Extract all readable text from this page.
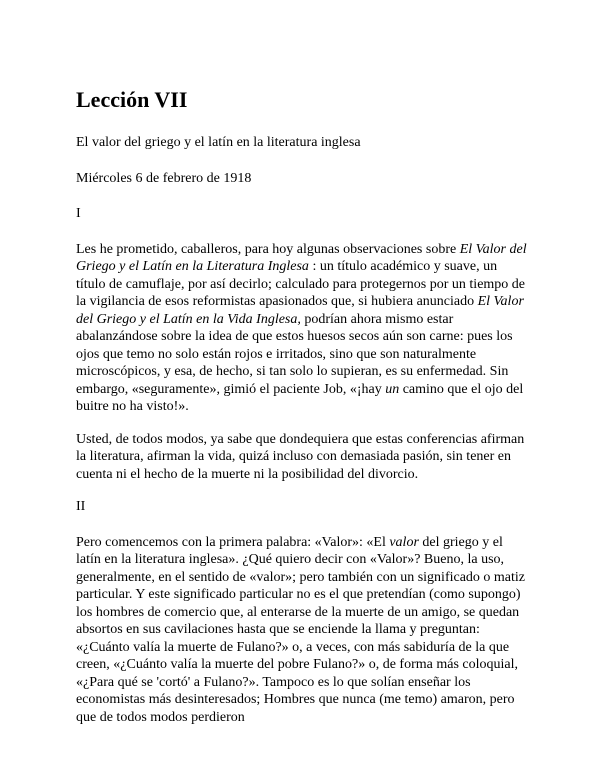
Lección VII

El valor del griego y el latín en la literatura inglesa

Miércoles 6 de febrero de 1918

I

Les he prometido, caballeros, para hoy algunas observaciones sobre El Valor del Griego y el Latín en la Literatura Inglesa : un título académico y suave, un título de camuflaje, por así decirlo; calculado para protegernos por un tiempo de la vigilancia de esos reformistas apasionados que, si hubiera anunciado El Valor del Griego y el Latín en la Vida Inglesa, podrían ahora mismo estar abalanzándose sobre la idea de que estos huesos secos aún son carne: pues los ojos que temo no solo están rojos e irritados, sino que son naturalmente microscópicos, y esa, de hecho, si tan solo lo supieran, es su enfermedad. Sin embargo, «seguramente», gimió el paciente Job, «¡hay un camino que el ojo del buitre no ha visto!».

Usted, de todos modos, ya sabe que dondequiera que estas conferencias afirman la literatura, afirman la vida, quizá incluso con demasiada pasión, sin tener en cuenta ni el hecho de la muerte ni la posibilidad del divorcio.

II

Pero comencemos con la primera palabra: «Valor»: «El valor del griego y el latín en la literatura inglesa». ¿Qué quiero decir con «Valor»? Bueno, la uso, generalmente, en el sentido de «valor»; pero también con un significado o matiz particular. Y este significado particular no es el que pretendían (como supongo) los hombres de comercio que, al enterarse de la muerte de un amigo, se quedan absortos en sus cavilaciones hasta que se enciende la llama y preguntan: «¿Cuánto valía la muerte de Fulano?» o, a veces, con más sabiduría de la que creen, «¿Cuánto valía la muerte del pobre Fulano?» o, de forma más coloquial, «¿Para qué se 'cortó' a Fulano?». Tampoco es lo que solían enseñar los economistas más desinteresados; Hombres que nunca (me temo) amaron, pero que de todos modos perdieron
